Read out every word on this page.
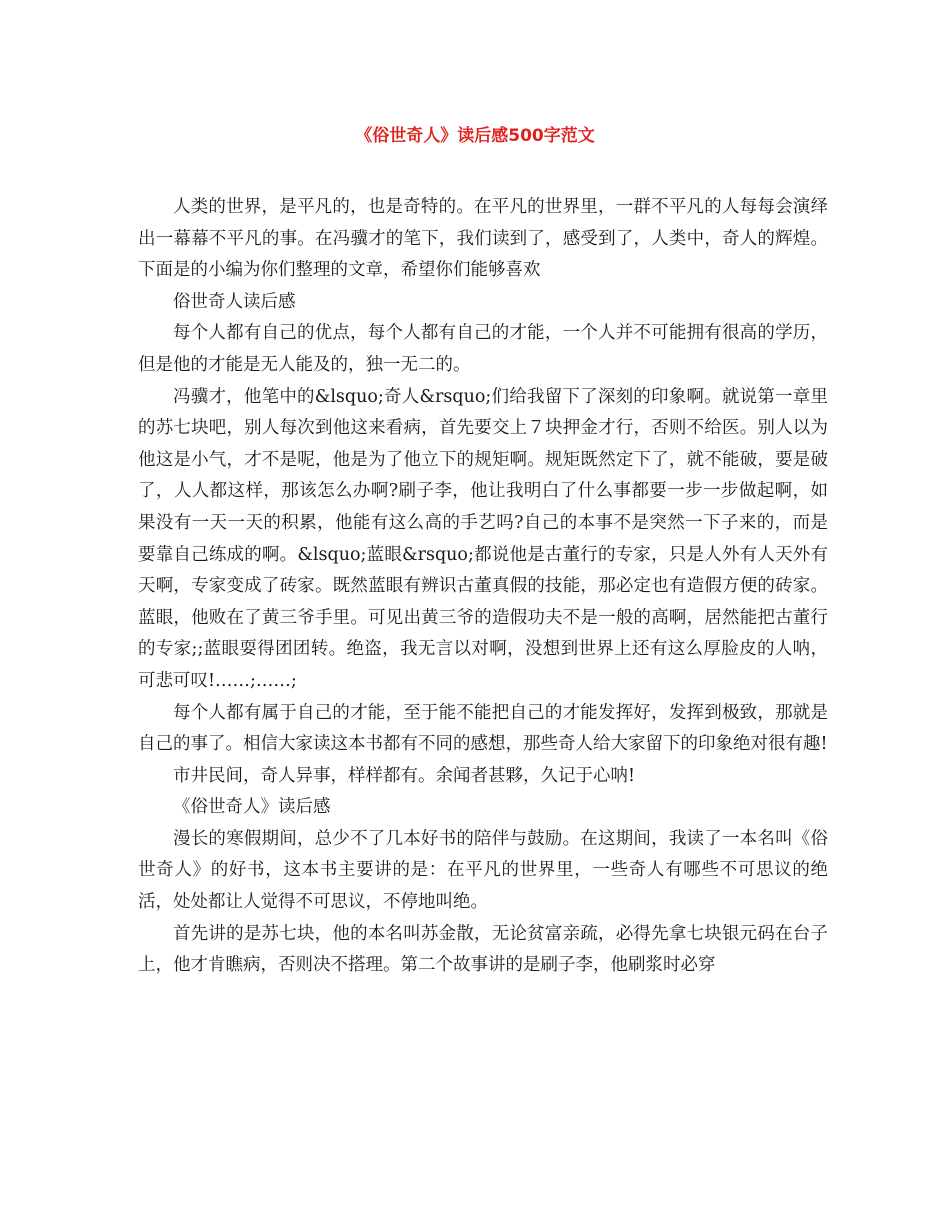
《俗世奇人》读后感500字范文

人类的世界，是平凡的，也是奇特的。在平凡的世界里，一群不平凡的人每每会演绎出一幕幕不平凡的事。在冯骥才的笔下，我们读到了，感受到了，人类中，奇人的辉煌。下面是的小编为你们整理的文章，希望你们能够喜欢

俗世奇人读后感

每个人都有自己的优点，每个人都有自己的才能，一个人并不可能拥有很高的学历，但是他的才能是无人能及的，独一无二的。

冯骥才，他笔中的&lsquo;奇人&rsquo;们给我留下了深刻的印象啊。就说第一章里的苏七块吧，别人每次到他这来看病，首先要交上７块押金才行，否则不给医。别人以为他这是小气，才不是呢，他是为了他立下的规矩啊。规矩既然定下了，就不能破，要是破了，人人都这样，那该怎么办啊?刷子李，他让我明白了什么事都要一步一步做起啊，如果没有一天一天的积累，他能有这么高的手艺吗?自己的本事不是突然一下子来的，而是要靠自己练成的啊。&lsquo;蓝眼&rsquo;都说他是古董行的专家，只是人外有人天外有天啊，专家变成了砖家。既然蓝眼有辨识古董真假的技能，那必定也有造假方便的砖家。蓝眼，他败在了黄三爷手里。可见出黄三爷的造假功夫不是一般的高啊，居然能把古董行的专家;;蓝眼耍得团团转。绝盗，我无言以对啊，没想到世界上还有这么厚脸皮的人呐，可悲可叹!……;……;

每个人都有属于自己的才能，至于能不能把自己的才能发挥好，发挥到极致，那就是自己的事了。相信大家读这本书都有不同的感想，那些奇人给大家留下的印象绝对很有趣!

市井民间，奇人异事，样样都有。余闻者甚夥，久记于心呐!

《俗世奇人》读后感

漫长的寒假期间，总少不了几本好书的陪伴与鼓励。在这期间，我读了一本名叫《俗世奇人》的好书，这本书主要讲的是：在平凡的世界里，一些奇人有哪些不可思议的绝活，处处都让人觉得不可思议，不停地叫绝。

首先讲的是苏七块，他的本名叫苏金散，无论贫富亲疏，必得先拿七块银元码在台子上，他才肯瞧病，否则决不搭理。第二个故事讲的是刷子李，他刷浆时必穿
